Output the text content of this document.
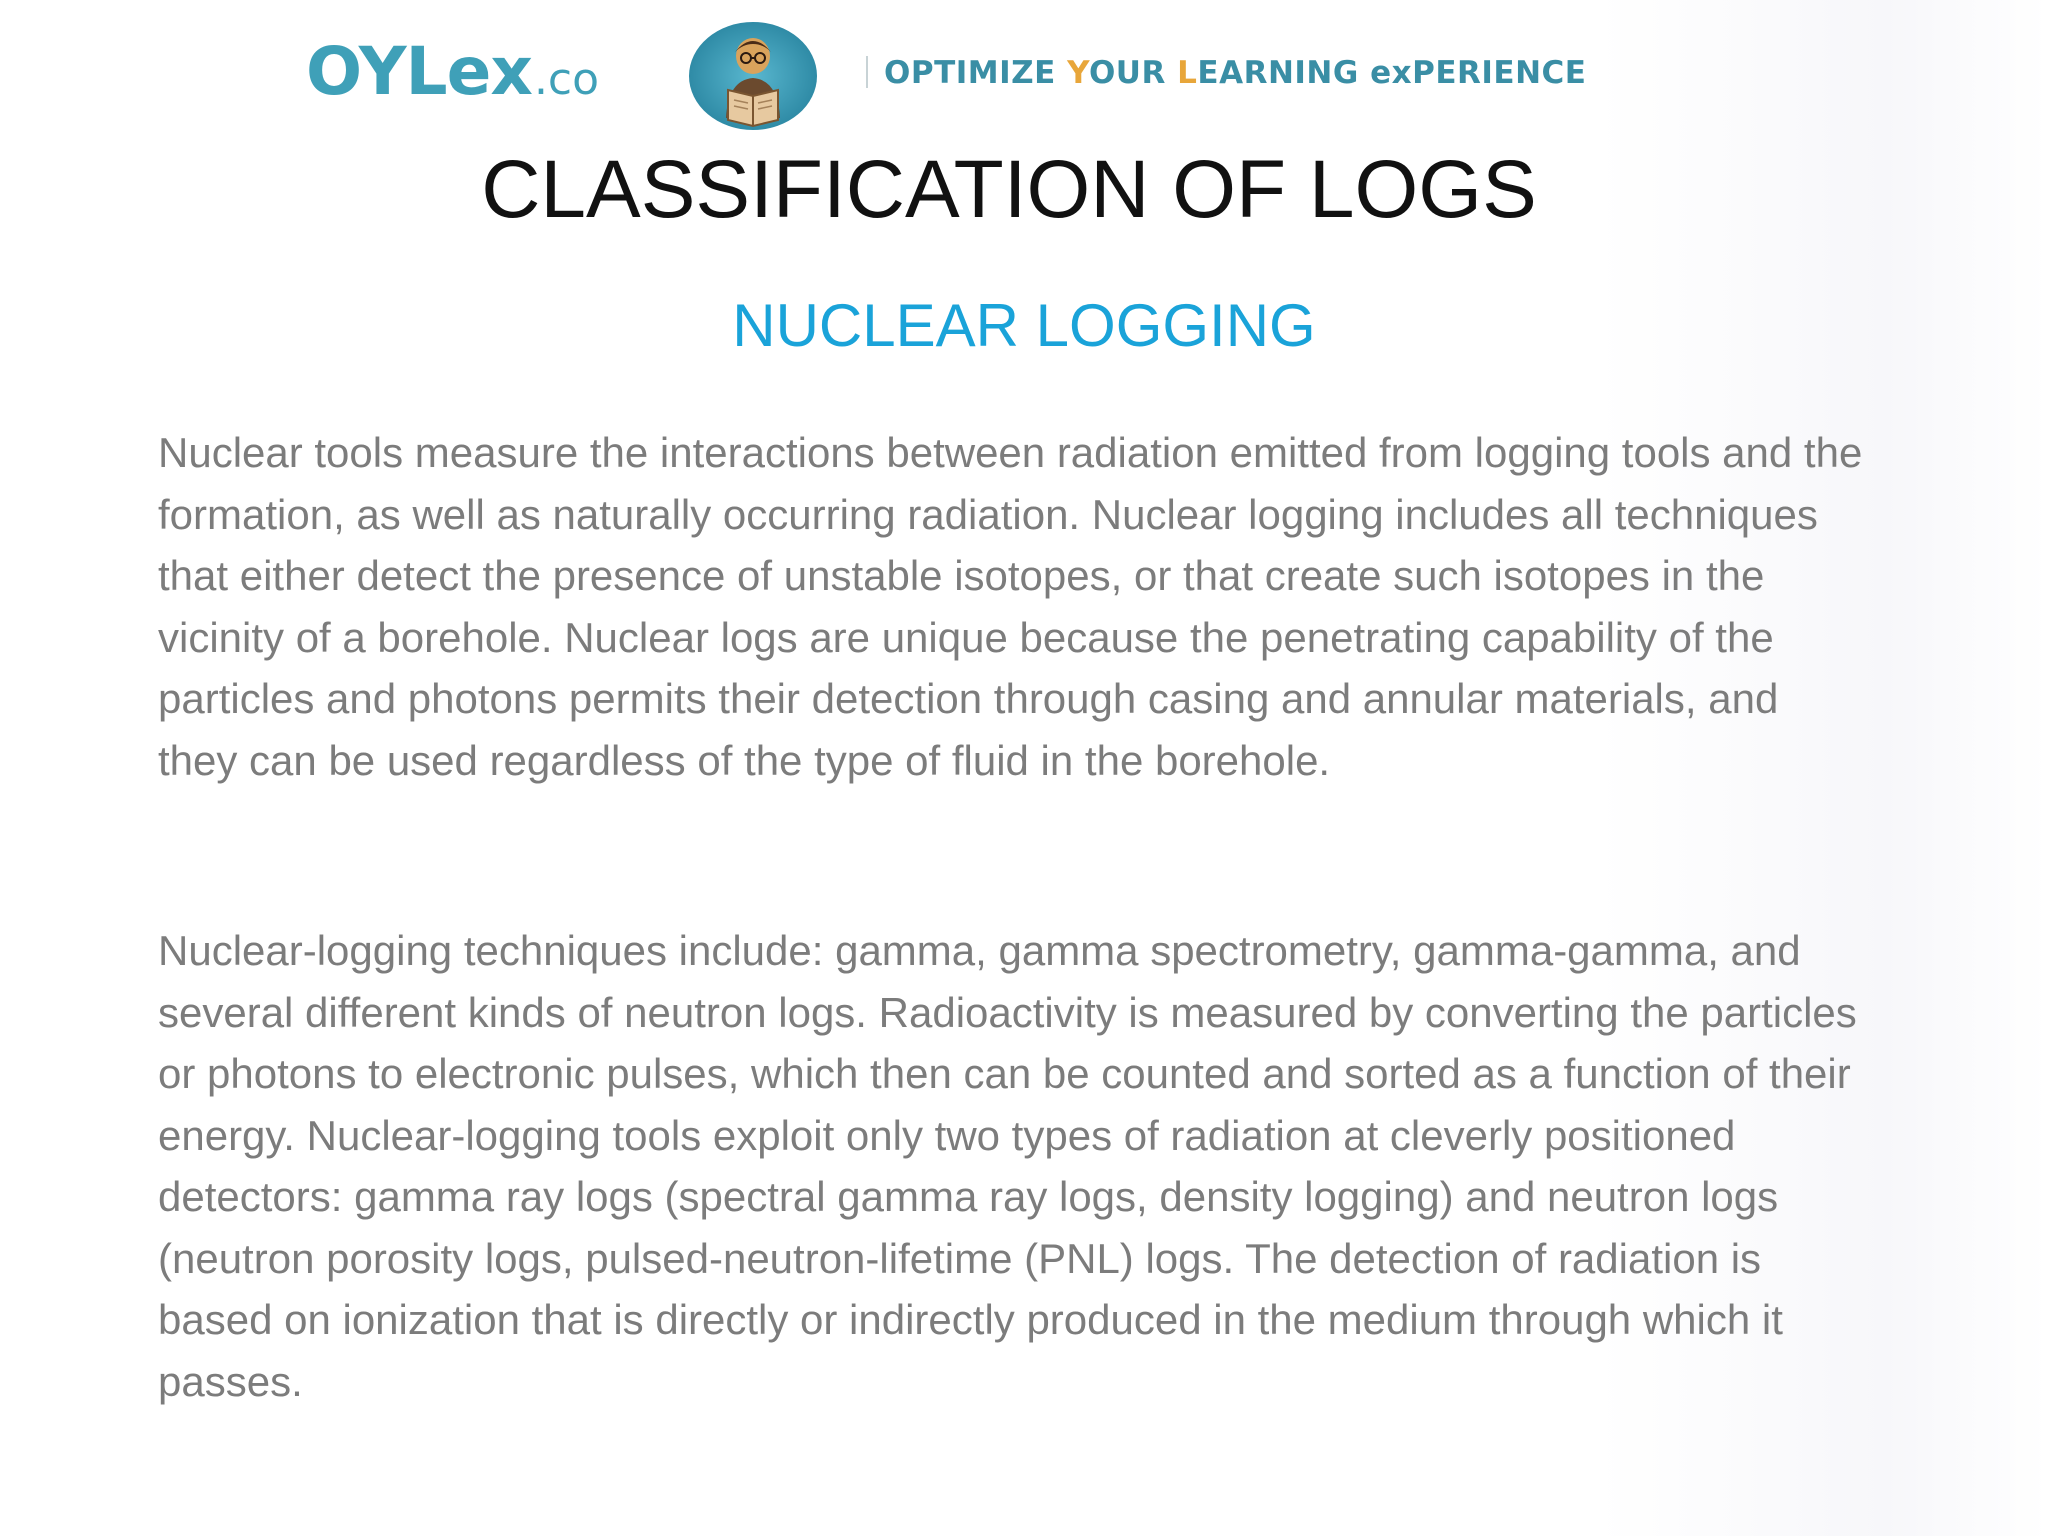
OYLex.co	OPTIMIZE YOUR LEARNING exPERIENCE
CLASSIFICATION OF LOGS
NUCLEAR LOGGING

Nuclear tools measure the interactions between radiation emitted from logging tools and the formation, as well as naturally occurring radiation. Nuclear logging includes all techniques that either detect the presence of unstable isotopes, or that create such isotopes in the vicinity of a borehole. Nuclear logs are unique because the penetrating capability of the particles and photons permits their detection through casing and annular materials, and they can be used regardless of the type of fluid in the borehole.

Nuclear-logging techniques include: gamma, gamma spectrometry, gamma-gamma, and several different kinds of neutron logs. Radioactivity is measured by converting the particles or photons to electronic pulses, which then can be counted and sorted as a function of their energy. Nuclear-logging tools exploit only two types of radiation at cleverly positioned detectors: gamma ray logs (spectral gamma ray logs, density logging) and neutron logs (neutron porosity logs, pulsed-neutron-lifetime (PNL) logs. The detection of radiation is based on ionization that is directly or indirectly produced in the medium through which it passes.
